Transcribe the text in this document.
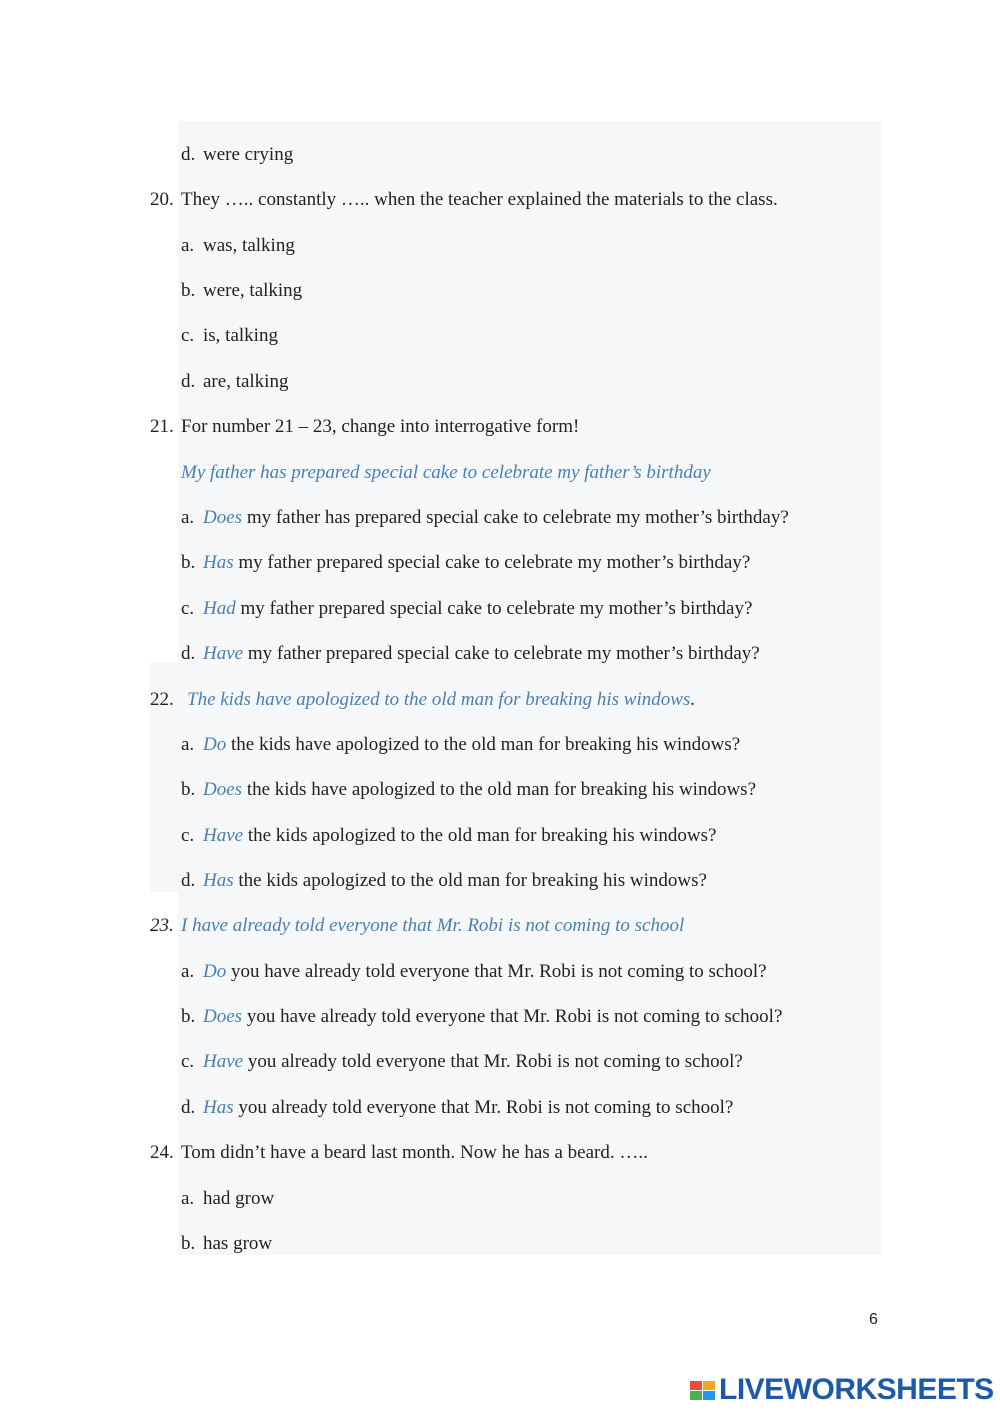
d. were crying
20. They ….. constantly ….. when the teacher explained the materials to the class.
a. was, talking
b. were, talking
c. is, talking
d. are, talking
21. For number 21 – 23, change into interrogative form!
My father has prepared special cake to celebrate my father’s birthday
a. Does my father has prepared special cake to celebrate my mother’s birthday?
b. Has my father prepared special cake to celebrate my mother’s birthday?
c. Had my father prepared special cake to celebrate my mother’s birthday?
d. Have my father prepared special cake to celebrate my mother’s birthday?
22. The kids have apologized to the old man for breaking his windows.
a. Do the kids have apologized to the old man for breaking his windows?
b. Does the kids have apologized to the old man for breaking his windows?
c. Have the kids apologized to the old man for breaking his windows?
d. Has the kids apologized to the old man for breaking his windows?
23. I have already told everyone that Mr. Robi is not coming to school
a. Do you have already told everyone that Mr. Robi is not coming to school?
b. Does you have already told everyone that Mr. Robi is not coming to school?
c. Have you already told everyone that Mr. Robi is not coming to school?
d. Has you already told everyone that Mr. Robi is not coming to school?
24. Tom didn’t have a beard last month. Now he has a beard. …..
a. had grow
b. has grow
6
LIVEWORKSHEETS
